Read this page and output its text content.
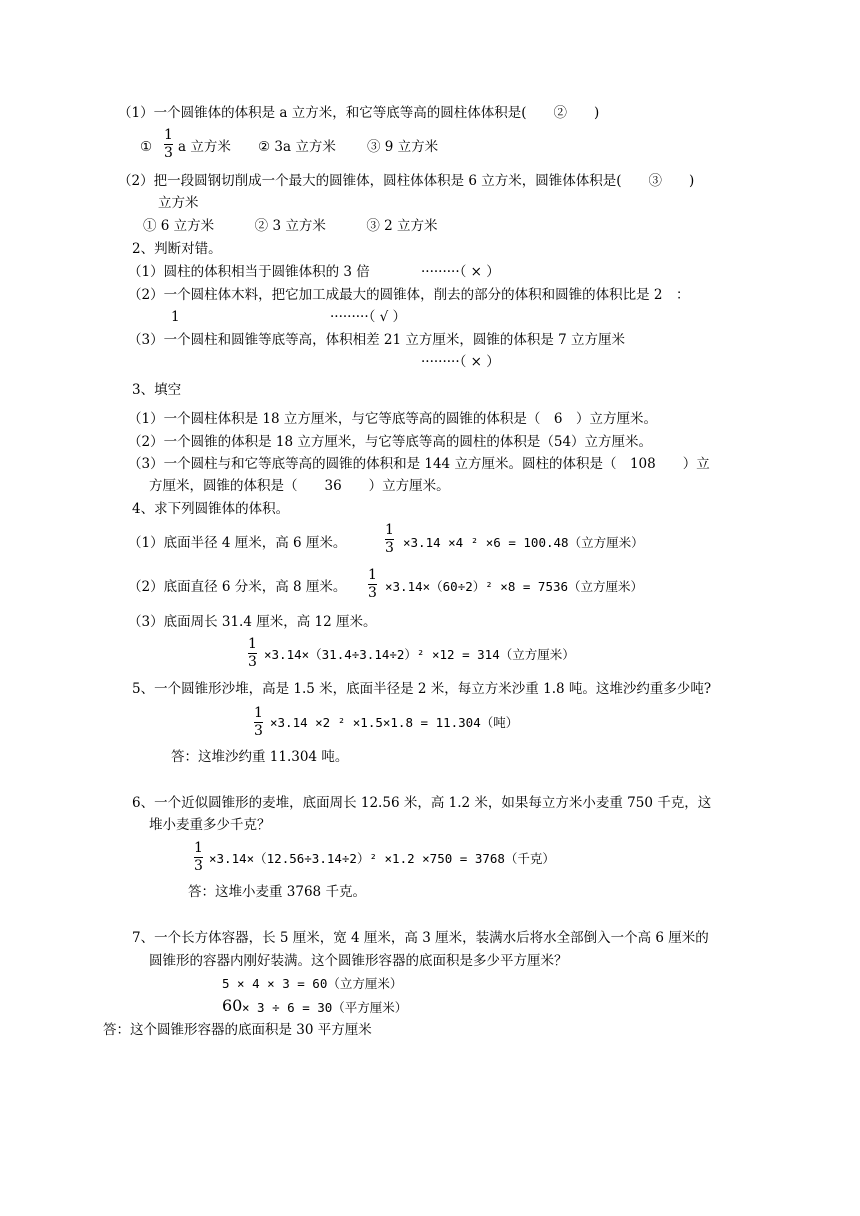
（1）一个圆锥体的体积是 a 立方米，和它等底等高的圆柱体体积是(　　②　　)
①
1
3 a 立方米 ② 3a 立方米 ③ 9 立方米
（2）把一段圆钢切削成一个最大的圆锥体，圆柱体体积是 6 立方米，圆锥体体积是(　　③　　)
立方米
① 6 立方米　　　② 3 立方米　　　③ 2 立方米
2、判断对错。
（1）圆柱的体积相当于圆锥体积的 3 倍	·········（ × ）
（2）一个圆柱体木料，把它加工成最大的圆锥体，削去的部分的体积和圆锥的体积比是 2　：
1	·········（ √ ）
（3）一个圆柱和圆锥等底等高，体积相差 21 立方厘米，圆锥的体积是 7 立方厘米
·········（ × ）
3、填空
（1）一个圆柱体积是 18 立方厘米，与它等底等高的圆锥的体积是（　6　）立方厘米。
（2）一个圆锥的体积是 18 立方厘米，与它等底等高的圆柱的体积是（54）立方厘米。
（3）一个圆柱与和它等底等高的圆锥的体积和是 144 立方厘米。圆柱的体积是（　108　　）立
方厘米，圆锥的体积是（　　36　　）立方厘米。
4、求下列圆锥体的体积。
（1）底面半径 4 厘米，高 6 厘米。
1
3 ×3.14 ×4 ² ×6 = 100.48（立方厘米）
（2）底面直径 6 分米，高 8 厘米。
1
3 ×3.14×（60÷2）² ×8 = 7536（立方厘米）
（3）底面周长 31.4 厘米，高 12 厘米。
1
3 ×3.14×（31.4÷3.14÷2）² ×12 = 314（立方厘米）
5、一个圆锥形沙堆，高是 1.5 米，底面半径是 2 米，每立方米沙重 1.8 吨。这堆沙约重多少吨?
1
3
×3.14 ×2 ² ×1.5×1.8 = 11.304（吨）
答：这堆沙约重 11.304 吨。
6、一个近似圆锥形的麦堆，底面周长 12.56 米，高 1.2 米，如果每立方米小麦重 750 千克，这
堆小麦重多少千克？
1
3 ×3.14×（12.56÷3.14÷2）² ×1.2 ×750 = 3768（千克）
答：这堆小麦重 3768 千克。
7、一个长方体容器，长 5 厘米，宽 4 厘米，高 3 厘米，装满水后将水全部倒入一个高 6 厘米的
圆锥形的容器内刚好装满。这个圆锥形容器的底面积是多少平方厘米？
5 × 4 × 3 = 60（立方厘米）
60 × 3 ÷ 6 = 30（平方厘米）
答：这个圆锥形容器的底面积是 30 平方厘米
